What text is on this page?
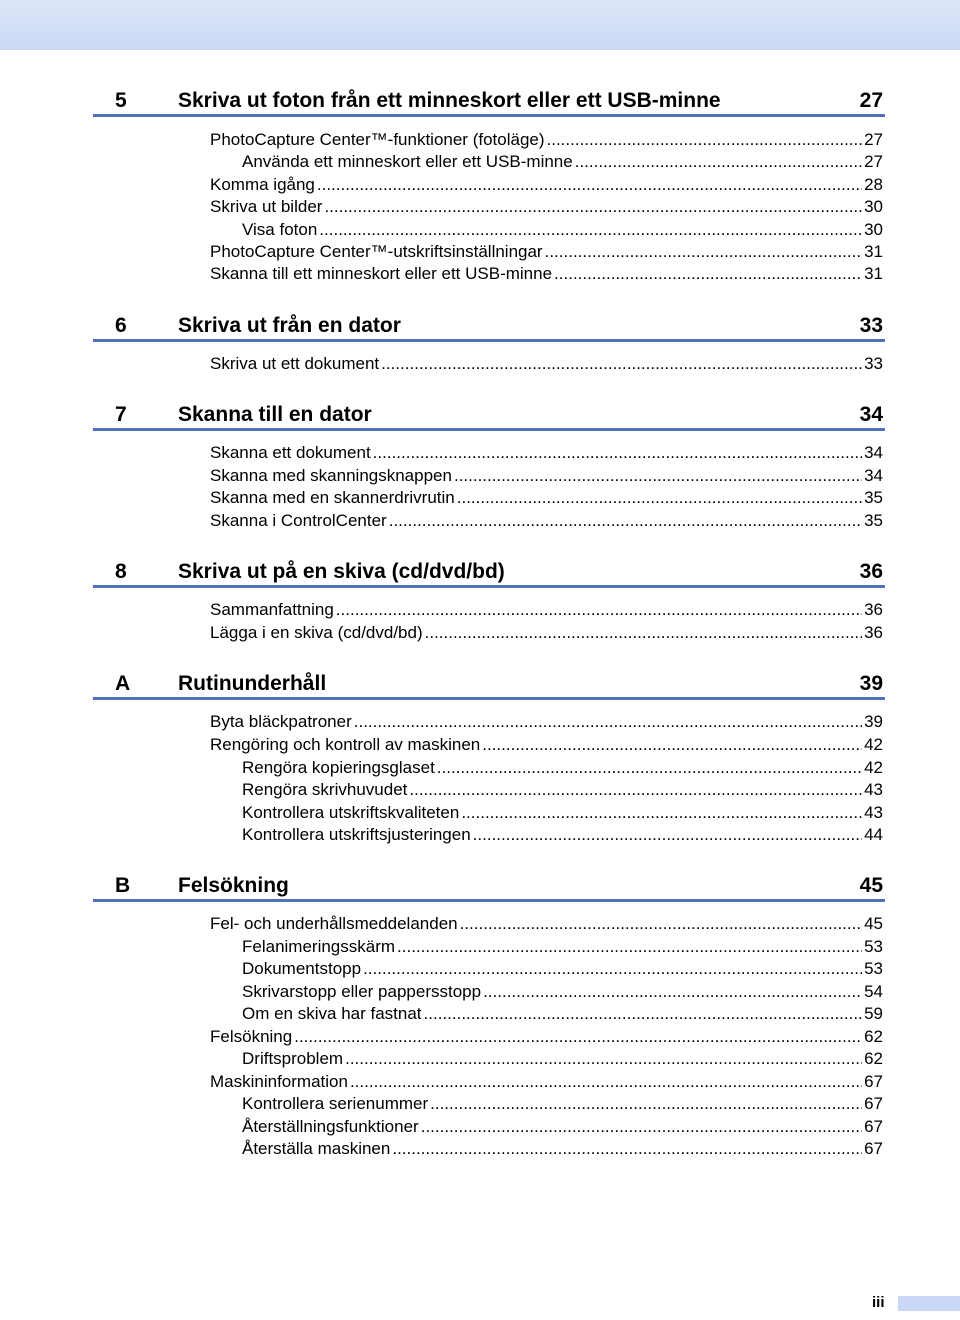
5 Skriva ut foton från ett minneskort eller ett USB-minne	27
PhotoCapture Center™-funktioner (fotoläge) .....	27
Använda ett minneskort eller ett USB-minne .....	27
Komma igång .....	28
Skriva ut bilder .....	30
Visa foton .....	30
PhotoCapture Center™-utskriftsinställningar .....	31
Skanna till ett minneskort eller ett USB-minne .....	31
6 Skriva ut från en dator	33
Skriva ut ett dokument .....	33
7 Skanna till en dator	34
Skanna ett dokument .....	34
Skanna med skanningsknappen .....	34
Skanna med en skannerdrivrutin .....	35
Skanna i ControlCenter .....	35
8 Skriva ut på en skiva (cd/dvd/bd)	36
Sammanfattning .....	36
Lägga i en skiva (cd/dvd/bd) .....	36
A Rutinunderhåll	39
Byta bläckpatroner .....	39
Rengöring och kontroll av maskinen .....	42
Rengöra kopieringsglaset .....	42
Rengöra skrivhuvudet .....	43
Kontrollera utskriftskvaliteten .....	43
Kontrollera utskriftsjusteringen .....	44
B Felsökning	45
Fel- och underhållsmeddelanden .....	45
Felanimeringsskärm .....	53
Dokumentstopp .....	53
Skrivarstopp eller pappersstopp .....	54
Om en skiva har fastnat .....	59
Felsökning .....	62
Driftsproblem .....	62
Maskininformation .....	67
Kontrollera serienummer .....	67
Återställningsfunktioner .....	67
Återställa maskinen .....	67
iii
